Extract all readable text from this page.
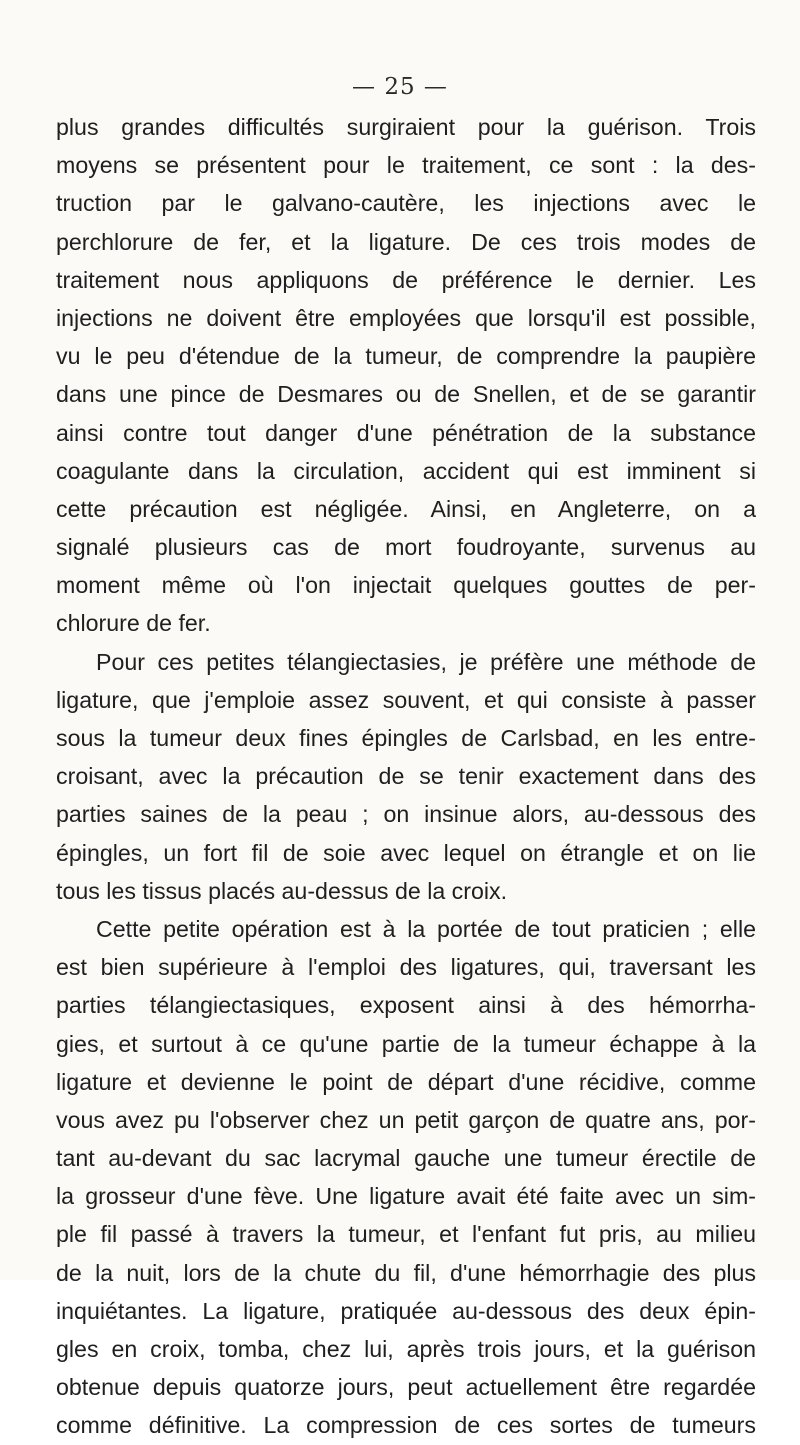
— 25 —
plus grandes difficultés surgiraient pour la guérison. Trois
moyens se présentent pour le traitement, ce sont : la des-
truction par le galvano-cautère, les injections avec le
perchlorure de fer, et la ligature. De ces trois modes de
traitement nous appliquons de préférence le dernier. Les
injections ne doivent être employées que lorsqu'il est possible,
vu le peu d'étendue de la tumeur, de comprendre la paupière
dans une pince de Desmares ou de Snellen, et de se garantir
ainsi contre tout danger d'une pénétration de la substance
coagulante dans la circulation, accident qui est imminent si
cette précaution est négligée. Ainsi, en Angleterre, on a
signalé plusieurs cas de mort foudroyante, survenus au
moment même où l'on injectait quelques gouttes de per-
chlorure de fer.
Pour ces petites télangiectasies, je préfère une méthode de
ligature, que j'emploie assez souvent, et qui consiste à passer
sous la tumeur deux fines épingles de Carlsbad, en les entre-
croisant, avec la précaution de se tenir exactement dans des
parties saines de la peau ; on insinue alors, au-dessous des
épingles, un fort fil de soie avec lequel on étrangle et on lie
tous les tissus placés au-dessus de la croix.
Cette petite opération est à la portée de tout praticien ; elle
est bien supérieure à l'emploi des ligatures, qui, traversant les
parties télangiectasiques, exposent ainsi à des hémorrha-
gies, et surtout à ce qu'une partie de la tumeur échappe à la
ligature et devienne le point de départ d'une récidive, comme
vous avez pu l'observer chez un petit garçon de quatre ans, por-
tant au-devant du sac lacrymal gauche une tumeur érectile de
la grosseur d'une fève. Une ligature avait été faite avec un sim-
ple fil passé à travers la tumeur, et l'enfant fut pris, au milieu
de la nuit, lors de la chute du fil, d'une hémorrhagie des plus
inquiétantes. La ligature, pratiquée au-dessous des deux épin-
gles en croix, tomba, chez lui, après trois jours, et la guérison
obtenue depuis quatorze jours, peut actuellement être regardée
comme définitive. La compression de ces sortes de tumeurs
